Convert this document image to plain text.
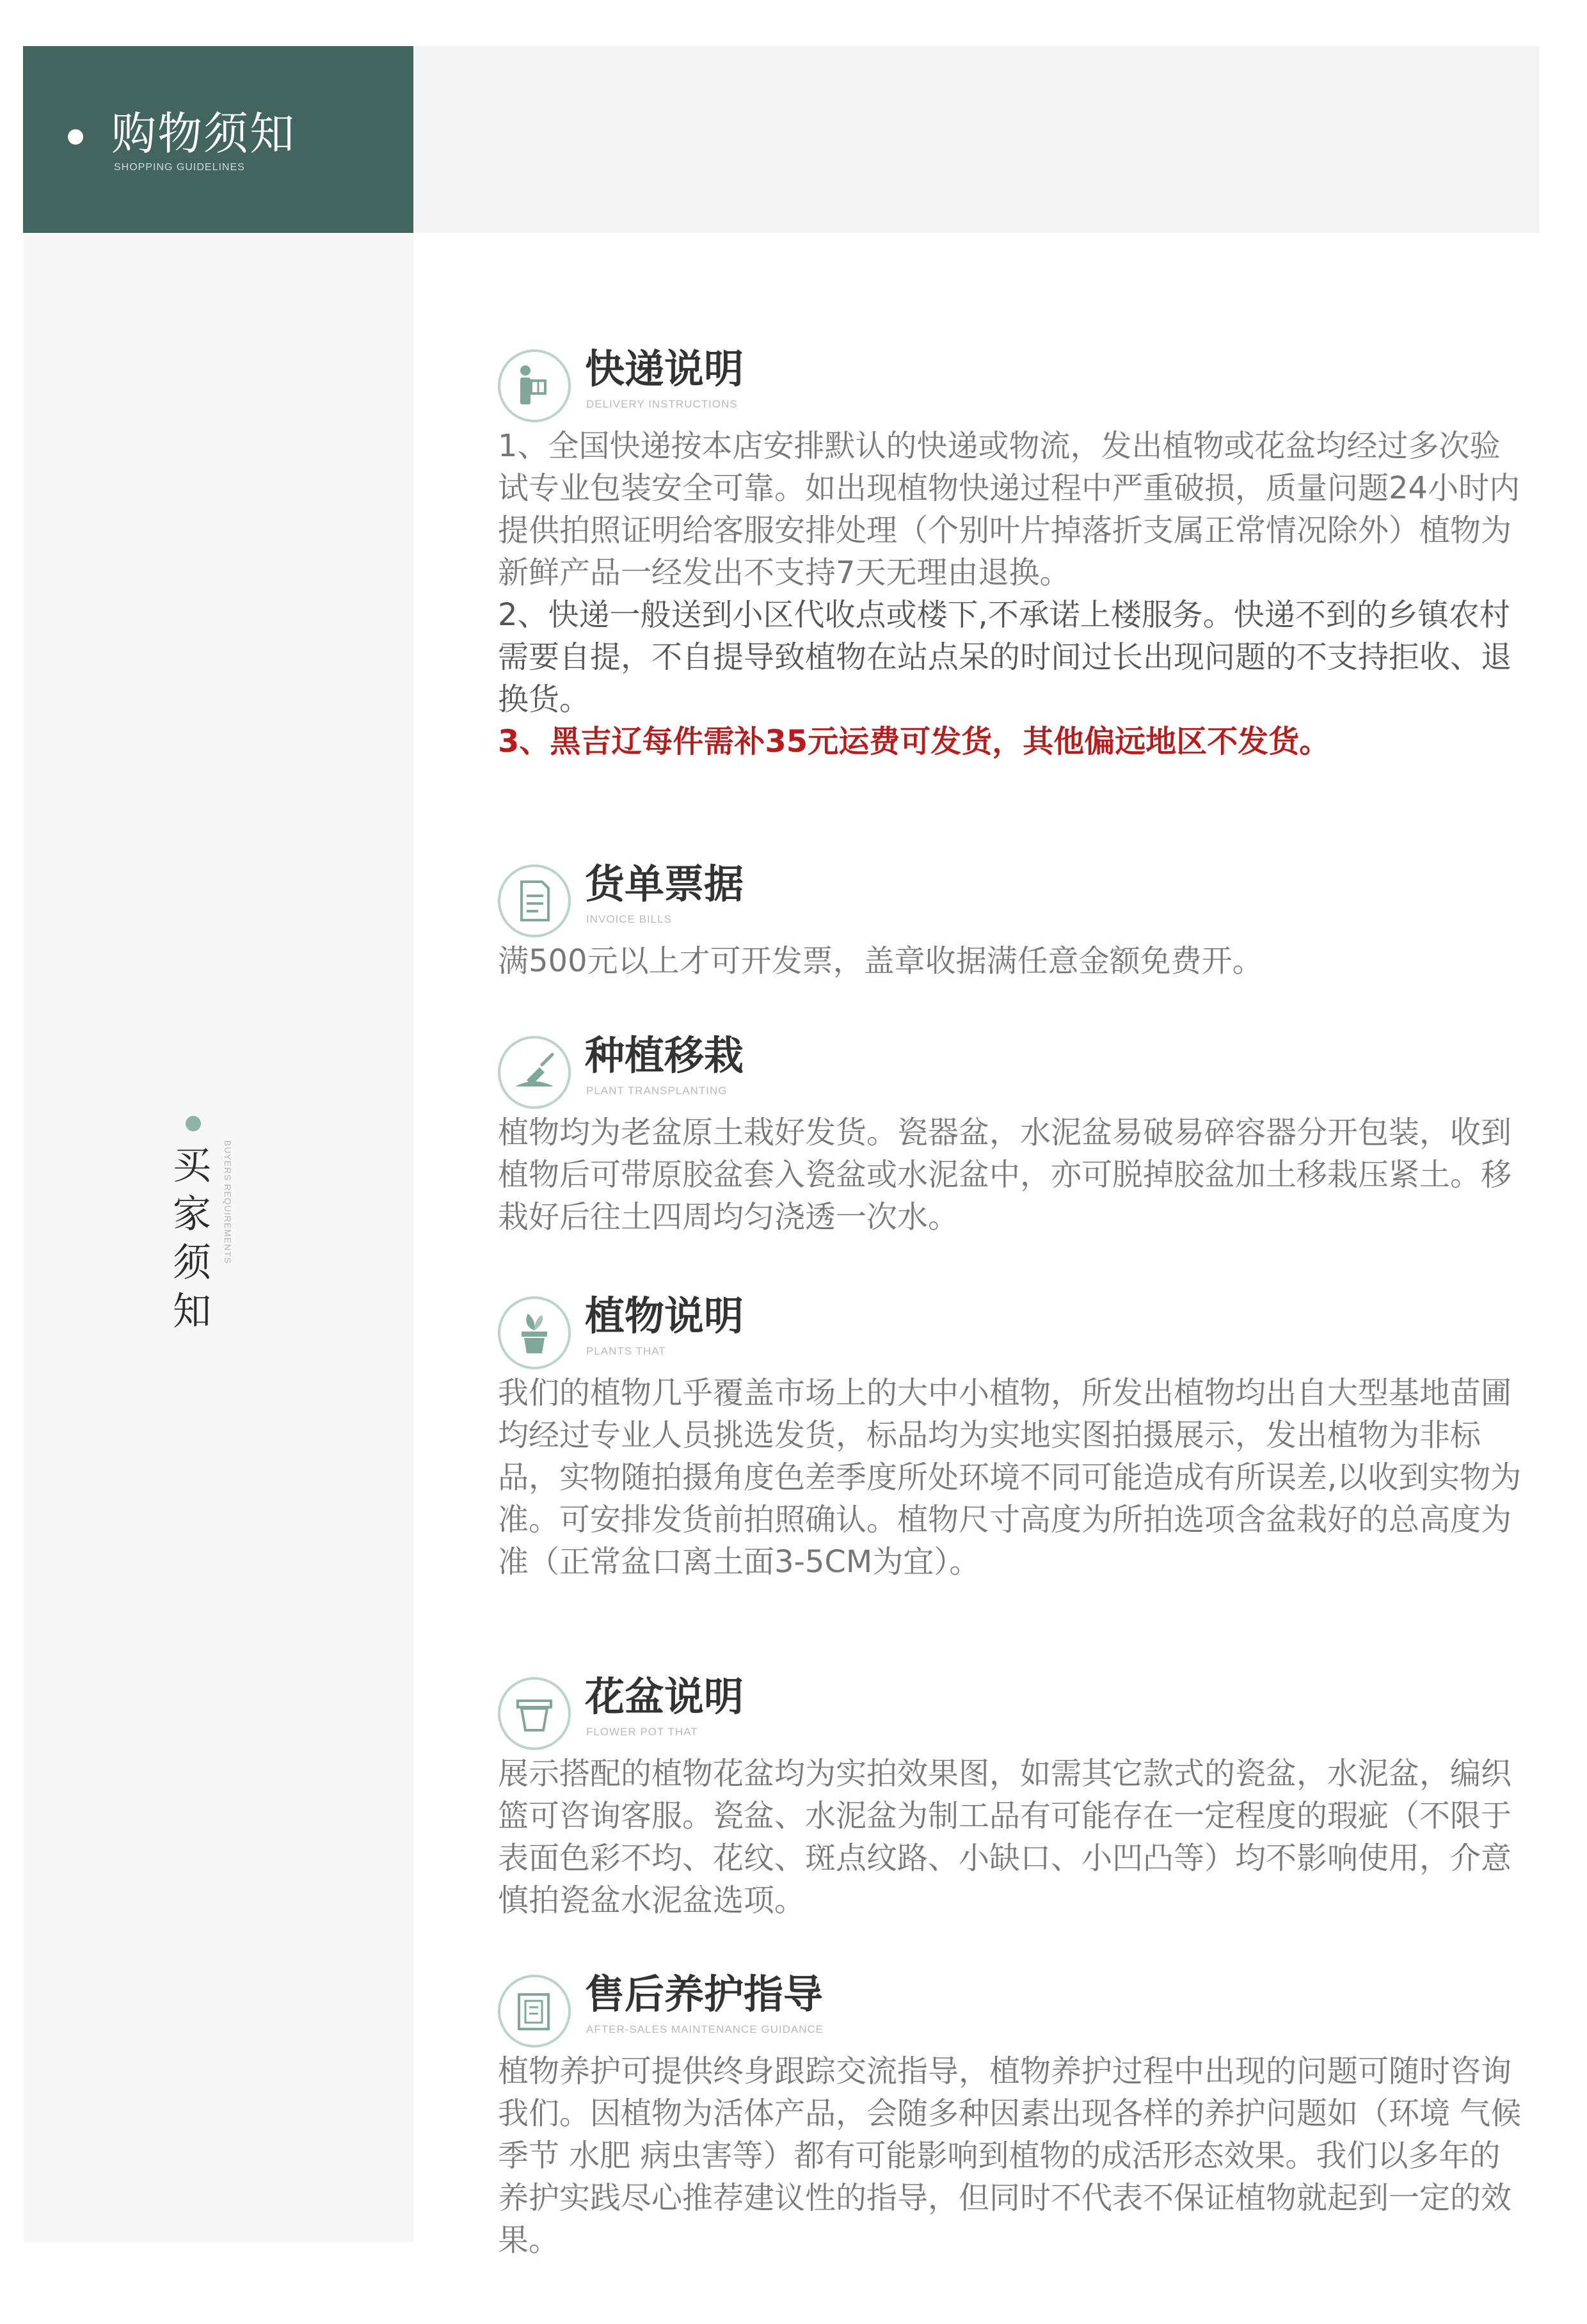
购物须知
SHOPPING GUIDELINES
买
家
须
知
BUYERS REQUIREMENTS
快递说明
DELIVERY INSTRUCTIONS
1、全国快递按本店安排默认的快递或物流，发出植物或花盆均经过多次验试专业包装安全可靠。如出现植物快递过程中严重破损，质量问题24小时内提供拍照证明给客服安排处理（个别叶片掉落折支属正常情况除外）植物为新鲜产品一经发出不支持7天无理由退换。
2、快递一般送到小区代收点或楼下,不承诺上楼服务。快递不到的乡镇农村需要自提，不自提导致植物在站点呆的时间过长出现问题的不支持拒收、退换货。
3、黑吉辽每件需补35元运费可发货，其他偏远地区不发货。
货单票据
INVOICE BILLS
满500元以上才可开发票，盖章收据满任意金额免费开。
种植移栽
PLANT TRANSPLANTING
植物均为老盆原土栽好发货。瓷器盆，水泥盆易破易碎容器分开包装，收到植物后可带原胶盆套入瓷盆或水泥盆中，亦可脱掉胶盆加土移栽压紧土。移栽好后往土四周均匀浇透一次水。
植物说明
PLANTS THAT
我们的植物几乎覆盖市场上的大中小植物，所发出植物均出自大型基地苗圃均经过专业人员挑选发货，标品均为实地实图拍摄展示，发出植物为非标品，实物随拍摄角度色差季度所处环境不同可能造成有所误差,以收到实物为准。可安排发货前拍照确认。植物尺寸高度为所拍选项含盆栽好的总高度为准（正常盆口离土面3-5CM为宜）。
花盆说明
FLOWER POT THAT
展示搭配的植物花盆均为实拍效果图，如需其它款式的瓷盆，水泥盆，编织篮可咨询客服。瓷盆、水泥盆为制工品有可能存在一定程度的瑕疵（不限于表面色彩不均、花纹、斑点纹路、小缺口、小凹凸等）均不影响使用，介意慎拍瓷盆水泥盆选项。
售后养护指导
AFTER-SALES MAINTENANCE GUIDANCE
植物养护可提供终身跟踪交流指导，植物养护过程中出现的问题可随时咨询我们。因植物为活体产品，会随多种因素出现各样的养护问题如（环境 气候 季节 水肥 病虫害等）都有可能影响到植物的成活形态效果。我们以多年的养护实践尽心推荐建议性的指导，但同时不代表不保证植物就起到一定的效果。
